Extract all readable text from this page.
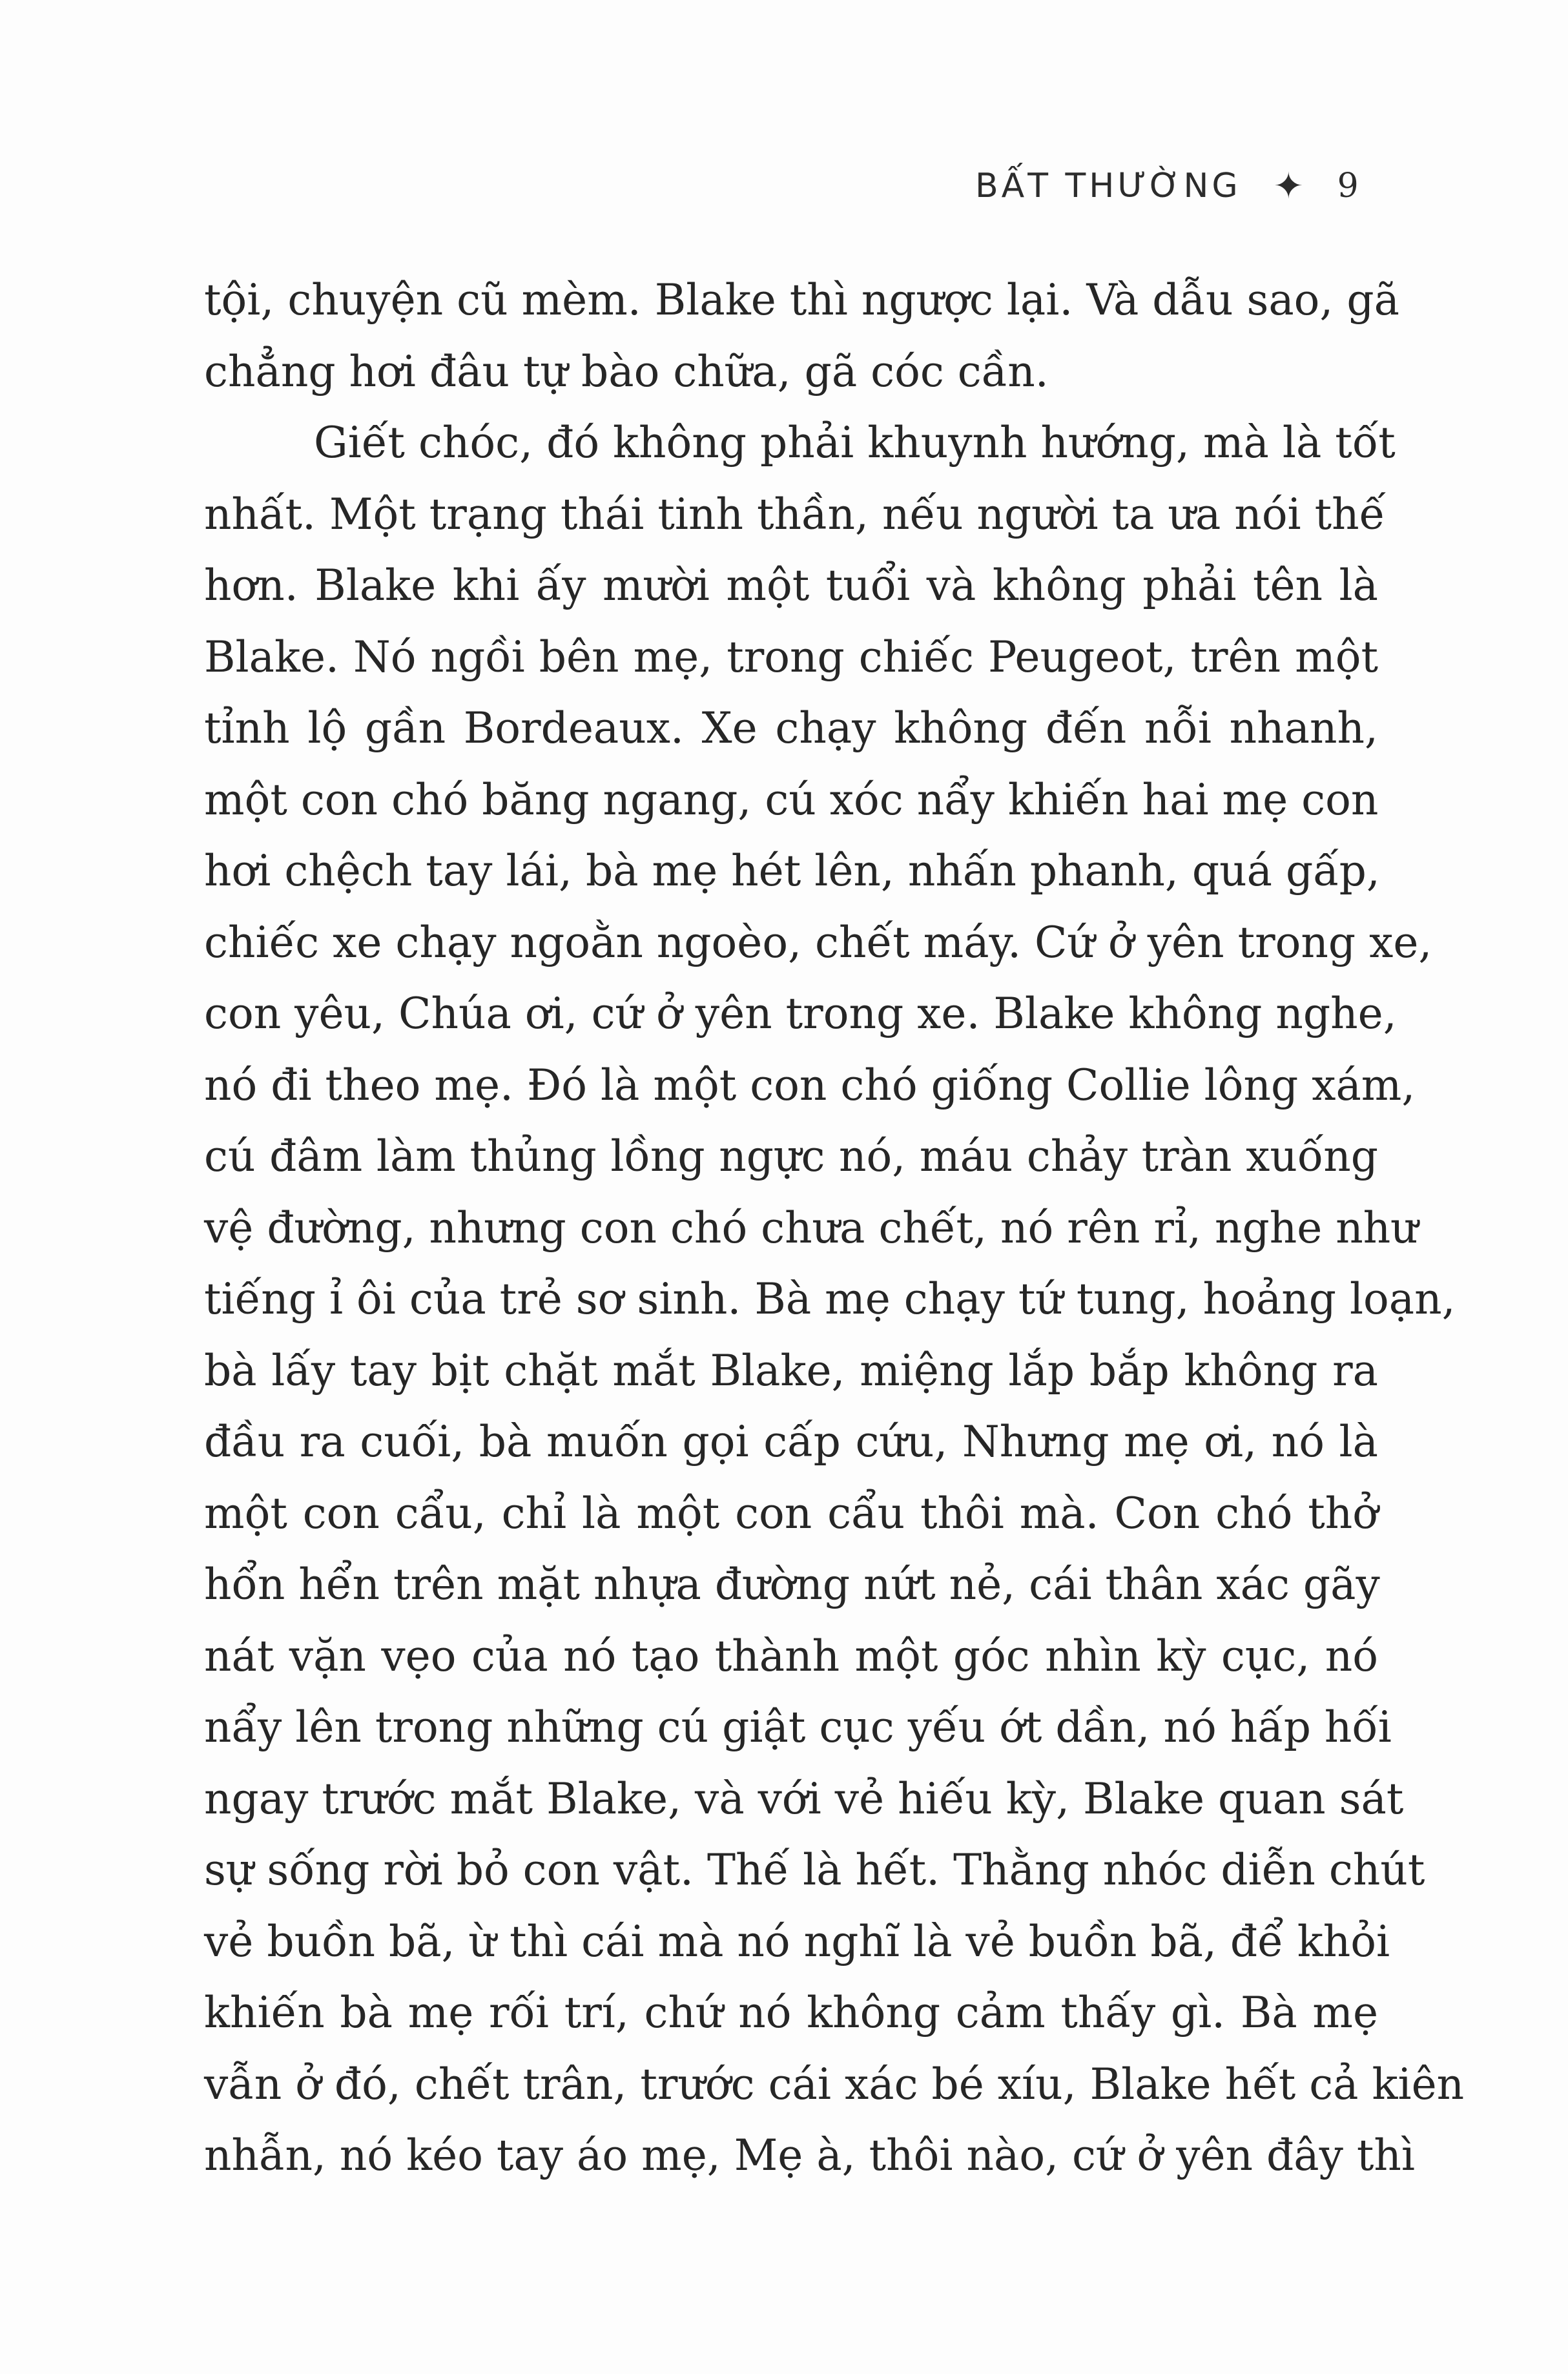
BẤT THƯỜNG ✦ 9
tội, chuyện cũ mèm. Blake thì ngược lại. Và dẫu sao, gã
chẳng hơi đâu tự bào chữa, gã cóc cần.
Giết chóc, đó không phải khuynh hướng, mà là tốt
nhất. Một trạng thái tinh thần, nếu người ta ưa nói thế
hơn. Blake khi ấy mười một tuổi và không phải tên là
Blake. Nó ngồi bên mẹ, trong chiếc Peugeot, trên một
tỉnh lộ gần Bordeaux. Xe chạy không đến nỗi nhanh,
một con chó băng ngang, cú xóc nẩy khiến hai mẹ con
hơi chệch tay lái, bà mẹ hét lên, nhấn phanh, quá gấp,
chiếc xe chạy ngoằn ngoèo, chết máy. Cứ ở yên trong xe,
con yêu, Chúa ơi, cứ ở yên trong xe. Blake không nghe,
nó đi theo mẹ. Đó là một con chó giống Collie lông xám,
cú đâm làm thủng lồng ngực nó, máu chảy tràn xuống
vệ đường, nhưng con chó chưa chết, nó rên rỉ, nghe như
tiếng ỉ ôi của trẻ sơ sinh. Bà mẹ chạy tứ tung, hoảng loạn,
bà lấy tay bịt chặt mắt Blake, miệng lắp bắp không ra
đầu ra cuối, bà muốn gọi cấp cứu, Nhưng mẹ ơi, nó là
một con cẩu, chỉ là một con cẩu thôi mà. Con chó thở
hổn hển trên mặt nhựa đường nứt nẻ, cái thân xác gãy
nát vặn vẹo của nó tạo thành một góc nhìn kỳ cục, nó
nẩy lên trong những cú giật cục yếu ớt dần, nó hấp hối
ngay trước mắt Blake, và với vẻ hiếu kỳ, Blake quan sát
sự sống rời bỏ con vật. Thế là hết. Thằng nhóc diễn chút
vẻ buồn bã, ừ thì cái mà nó nghĩ là vẻ buồn bã, để khỏi
khiến bà mẹ rối trí, chứ nó không cảm thấy gì. Bà mẹ
vẫn ở đó, chết trân, trước cái xác bé xíu, Blake hết cả kiên
nhẫn, nó kéo tay áo mẹ, Mẹ à, thôi nào, cứ ở yên đây thì
